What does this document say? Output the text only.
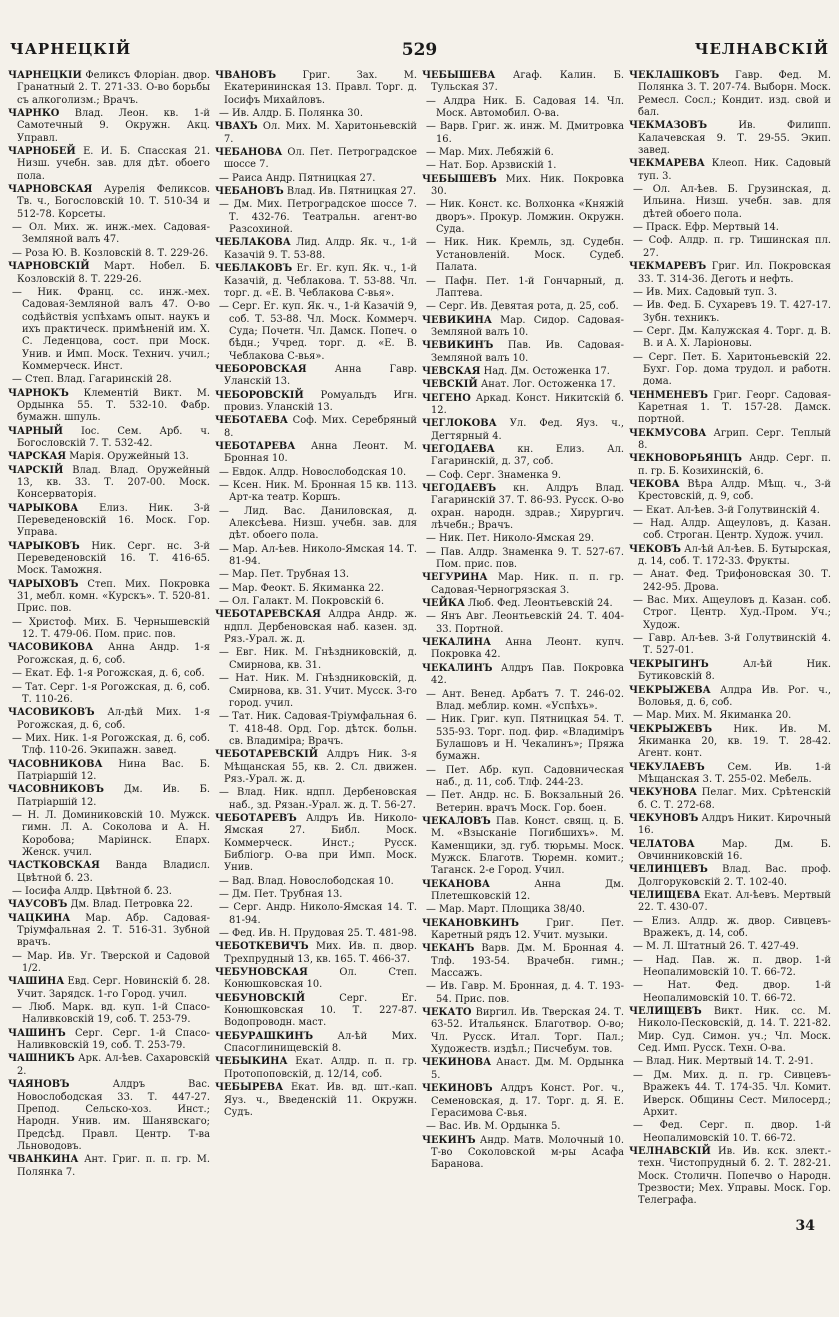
ЧАРНЕЦКІЙ	529	ЧЕЛНАВСКІЙ
ЧАРНЕЦКІЙ Феликсъ Флоріан. двор. Гранатный 2. Т. 271-33. О-во борьбы съ алкоголизм.; Врачъ.
ЧАРНКО Влад. Леон. кв. 1-й Самотечный 9. Окружн. Акц. Управл.
ЧАРНОБЕЙ Е. И. Б. Спасская 21. Низш. учебн. зав. для дѣт. обоего пола.
ЧАРНОВСКАЯ Аурелія Феликсов. Тв. ч., Богословскій 10. Т. 510-34 и 512-78. Корсеты.
— Ол. Мих. ж. инж.-мех. Садовая-Земляной валъ 47.
— Роза Ю. В. Козловскій 8. Т. 229-26.
ЧАРНОВСКІЙ Март. Нобел. Б. Козловскій 8. Т. 229-26.
— Ник. Франц. сс. инж.-мех. Садовая-Земляной валъ 47. О-во содѣйствія успѣхамъ опыт. наукъ и ихъ практическ. примѣненій им. Х. С. Леденцова, сост. при Моск. Унив. и Имп. Моск. Технич. учил.; Коммерческ. Инст.
— Степ. Влад. Гагаринскій 28.
ЧАРНОКЪ Клементій Викт. М. Ордынка 55. Т. 532-10. Фабр. бумажн. шпуль.
ЧАРНЫЙ Іос. Сем. Арб. ч. Богословскій 7. Т. 532-42.
ЧАРСКАЯ Марія. Оружейный 13.
ЧАРСКІЙ Влад. Влад. Оружейный 13, кв. 33. Т. 207-00. Моск. Консерваторія.
ЧАРЫКОВА Елиз. Ник. 3-й Переведеновскій 16. Моск. Гор. Управа.
ЧАРЫКОВЪ Ник. Серг. нс. 3-й Переведеновскій 16. Т. 416-65. Моск. Таможня.
ЧАРЫХОВЪ Степ. Мих. Покровка 31, мебл. комн. «Курскъ». Т. 520-81. Прис. пов.
— Христоф. Мих. Б. Чернышевскій 12. Т. 479-06. Пом. прис. пов.
ЧАСОВИКОВА Анна Андр. 1-я Рогожская, д. 6, соб.
— Екат. Еф. 1-я Рогожская, д. 6, соб.
— Тат. Серг. 1-я Рогожская, д. 6, соб. Т. 110-26.
ЧАСОВИКОВЪ Ал-дѣй Мих. 1-я Рогожская, д. 6, соб.
— Мих. Ник. 1-я Рогожская, д. 6, соб. Тлф. 110-26. Экипажн. завед.
ЧАСОВНИКОВА Нина Вас. Б. Патріаршій 12.
ЧАСОВНИКОВЪ Дм. Ив. Б. Патріаршій 12.
— Н. Л. Доминиковскій 10. Мужск. гимн. Л. А. Соколова и А. Н. Коробова; Маріинск. Епарх. Женск. учил.
ЧАСТКОВСКАЯ Ванда Владисл. Цвѣтной б. 23.
— Іосифа Алдр. Цвѣтной б. 23.
ЧАУСОВЪ Дм. Влад. Петровка 22.
ЧАЦКИНА Мар. Абр. Садовая-Тріумфальная 2. Т. 516-31. Зубной врачъ.
— Мар. Ив. Уг. Тверской и Садовой 1/2.
ЧАШИНА Евд. Серг. Новинскій б. 28. Учит. Зарядск. 1-го Город. учил.
— Люб. Марк. вд. куп. 1-й Спасо-Наливковскій 19, соб. Т. 253-79.
ЧАШИНЪ Серг. Серг. 1-й Спасо-Наливковскій 19, соб. Т. 253-79.
ЧАШНИКЪ Арк. Ал-ѣев. Сахаровскій 2.
ЧАЯНОВЪ	Алдръ Вас. Новослободская 33. Т. 447-27. Препод. Сельско-хоз. Инст.; Народн. Унив. им. Шанявскаго; Предсѣд. Правл. Центр. Т-ва Льноводовъ.
ЧВАНКИНА Ант. Григ. п. п. гр. М. Полянка 7.
ЧВАНОВЪ	Григ. Зах. М. Екатерининская 13. Правл. Торг. д. Іосифъ Михайловъ.
— Ив. Алдр. Б. Полянка 30.
ЧВАХЪ Ол. Мих. М. Харитоньевскій 7.
ЧЕБАНОВА Ол. Пет. Петроградское шоссе 7.
— Раиса Андр. Пятницкая 27.
ЧЕБАНОВЪ Влад. Ив. Пятницкая 27.
— Дм. Мих. Петроградское шоссе 7. Т. 432-76. Театральн. агент-во Разсохиной.
ЧЕБЛАКОВА Лид. Алдр. Як. ч., 1-й Казачій 9. Т. 53-88.
ЧЕБЛАКОВЪ Ег. Ег. куп. Як. ч., 1-й Казачій, д. Чеблакова. Т. 53-88. Чл. торг. д. «Е. В. Чеблакова С-вья».
— Серг. Ег. куп. Як. ч., 1-й Казачій 9, соб. Т. 53-88. Чл. Моск. Коммерч. Суда; Почетн. Чл. Дамск. Попеч. о бѣдн.; Учред. торг. д. «Е. В. Чеблакова С-вья».
ЧЕБОРОВСКАЯ	Анна Гавр. Уланскій 13.
ЧЕБОРОВСКІЙ Ромуальдъ Игн. провиз. Уланскій 13.
ЧЕБОТАЕВА Соф. Мих. Серебряный 8.
ЧЕБОТАРЕВА Анна Леонт. М. Бронная 10.
— Евдок. Алдр. Новослободская 10.
— Ксен. Ник. М. Бронная 15 кв. 113. Арт-ка театр. Коршъ.
— Лид. Вас. Даниловская, д. Алексѣева. Низш. учебн. зав. для дѣт. обоего пола.
— Мар. Ал-ѣев. Николо-Ямская 14. Т. 81-94.
— Мар. Пет. Трубная 13.
— Мар. Феокт. Б. Якиманка 22.
— Ол. Галакт. М. Покровскій 6.
ЧЕБОТАРЕВСКАЯ Алдра Андр. ж. ндпл. Дербеновская наб. казен. зд. Ряз.-Урал. ж. д.
— Евг. Ник. М. Гнѣздниковскій, д. Смирнова, кв. 31.
— Нат. Ник. М. Гнѣздниковскій, д. Смирнова, кв. 31. Учит. Мусск. 3-го город. учил.
— Тат. Ник. Садовая-Тріумфальная 6. Т. 418-48. Орд. Гор. дѣтск. больн. св. Владиміра; Врачъ.
ЧЕБОТАРЕВСКІЙ Алдръ Ник. 3-я Мѣщанская 55, кв. 2. Сл. движен. Ряз.-Урал. ж. д.
— Влад. Ник. ндпл. Дербеновская наб., зд. Рязан.-Урал. ж. д. Т. 56-27.
ЧЕБОТАРЕВЪ Алдръ Ив. Николо-Ямская 27. Библ. Моск. Коммерческ. Инст.; Русск. Библіогр. О-ва при Имп. Моск. Унив.
— Вад. Влад. Новослободская 10.
— Дм. Пет. Трубная 13.
— Серг. Андр. Николо-Ямская 14. Т. 81-94.
— Фед. Ив. Н. Прудовая 25. Т. 481-98.
ЧЕБОТКЕВИЧЪ Мих. Ив. п. двор. Трехпрудный 13, кв. 165. Т. 466-37.
ЧЕБУНОВСКАЯ	Ол. Степ. Конюшковская 10.
ЧЕБУНОВСКІЙ	Серг. Ег. Конюшковская 10. Т. 227-87. Водопроводн. маст.
ЧЕБУРАШКИНЪ Ал-ѣй Мих. Спасоглинищевскій 8.
ЧЕБЫКИНА Екат. Алдр. п. п. гр. Протопоповскій, д. 12/14, соб.
ЧЕБЫРЕВА Екат. Ив. вд. шт.-кап. Яуз. ч., Введенскій 11. Окружн. Судъ.
ЧЕБЫШЕВА Агаф. Калин. Б. Тульская 37.
— Алдра Ник. Б. Садовая 14. Чл. Моск. Автомобил. О-ва.
— Варв. Григ. ж. инж. М. Дмитровка 16.
— Мар. Мих. Лебяжій 6.
— Нат. Бор. Арзвискій 1.
ЧЕБЫШЕВЪ Мих. Ник. Покровка 30.
— Ник. Конст. кс. Волхонка «Княжій дворъ». Прокур. Ломжин. Окружн. Суда.
— Ник. Ник. Кремль, зд. Судебн. Установленій. Моск. Судеб. Палата.
— Пафн. Пет. 1-й Гончарный, д. Лаптева.
— Серг. Ив. Девятая рота, д. 25, соб.
ЧЕВИКИНА Мар. Сидор. Садовая-Земляной валъ 10.
ЧЕВИКИНЪ Пав. Ив. Садовая-Земляной валъ 10.
ЧЕВСКАЯ Над. Дм. Остоженка 17.
ЧЕВСКІЙ Анат. Лог. Остоженка 17.
ЧЕГЕНО Аркад. Конст. Никитскій б. 12.
ЧЕГЛОКОВА Ул. Фед. Яуз. ч., Дегтярный 4.
ЧЕГОДАЕВА кн. Елиз. Ал. Гагаринскій, д. 37, соб.
— Соф. Серг. Знаменка 9.
ЧЕГОДАЕВЪ кн. Алдръ Влад. Гагаринскій 37. Т. 86-93. Русск. О-во охран. народн. здрав.; Хирургич. лѣчебн.; Врачъ.
— Ник. Пет. Николо-Ямская 29.
— Пав. Алдр. Знаменка 9. Т. 527-67. Пом. прис. пов.
ЧЕГУРИНА Мар. Ник. п. п. гр. Садовая-Черногрязская 3.
ЧЕЙКА Люб. Фед. Леонтьевскій 24.
— Янъ Авг. Леонтьевскій 24. Т. 404-33. Портной.
ЧЕКАЛИНА Анна Леонт. купч. Покровка 42.
ЧЕКАЛИНЪ Алдръ Пав. Покровка 42.
— Ант. Венед. Арбатъ 7. Т. 246-02. Влад. меблир. комн. «Успѣхъ».
— Ник. Григ. куп. Пятницкая 54. Т. 535-93. Торг. под. фир. «Владиміръ Булашовъ и Н. Чекалинъ»; Пряжа бумажн.
— Пет. Абр. куп. Садовническая наб., д. 11, соб. Тлф. 244-23.
— Пет. Андр. нс. Б. Вокзальный 26. Ветерин. врачъ Моск. Гор. боен.
ЧЕКАЛОВЪ Пав. Конст. свящ. ц. Б. М. «Взысканіе Погибшихъ». М. Каменщики, зд. губ. тюрьмы. Моск. Мужск. Благотв. Тюремн. комит.; Таганск. 2-е Город. Учил.
ЧЕКАНОВА	Анна Дм. Плетешковскій 12.
— Мар. Март. Площика 38/40.
ЧЕКАНОВКИНЪ	Григ. Пет. Каретный рядъ 12. Учит. музыки.
ЧЕКАНЪ Варв. Дм. М. Бронная 4. Тлф. 193-54. Врачебн. гимн.; Массажъ.
— Ив. Гавр. М. Бронная, д. 4. Т. 193-54. Прис. пов.
ЧЕКАТО Виргил. Ив. Тверская 24. Т. 63-52. Итальянск. Благотвор. О-во; Чл. Русск. Итал. Торг. Пал.; Художеств. издѣл.; Писчебум. тов.
ЧЕКИНОВА Анаст. Дм. М. Ордынка 5.
ЧЕКИНОВЪ Алдръ Конст. Рог. ч., Семеновская, д. 17. Торг. д. Я. Е. Герасимова С-вья.
— Вас. Ив. М. Ордынка 5.
ЧЕКИНЪ Андр. Матв. Молочный 10. Т-во Соколовской м-ры Асафа Баранова.
ЧЕКЛАШКОВЪ Гавр. Фед. М. Полянка 3. Т. 207-74. Выборн. Моск. Ремесл. Сосл.; Кондит. изд. свой и бал.
ЧЕКМАЗОВЪ	Ив. Филипп. Калачевская 9. Т. 29-55. Экип. завед.
ЧЕКМАРЕВА Клеоп. Ник. Садовый туп. 3.
— Ол. Ал-ѣев. Б. Грузинская, д. Ильина. Низш. учебн. зав. для дѣтей обоего пола.
— Праск. Ефр. Мертвый 14.
— Соф. Алдр. п. гр. Тишинская пл. 27.
ЧЕКМАРЕВЪ Григ. Ил. Покровская 33. Т. 314-36. Деготь и нефть.
— Ив. Мих. Садовый туп. 3.
— Ив. Фед. Б. Сухаревъ 19. Т. 427-17. Зубн. техникъ.
— Серг. Дм. Калужская 4. Торг. д. В. В. и А. Х. Ларіоновы.
— Серг. Пет. Б. Харитоньевскій 22. Бухг. Гор. дома трудол. и работн. дома.
ЧЕНМЕНЕВЪ Григ. Георг. Садовая-Каретная 1. Т. 157-28. Дамск. портной.
ЧЕКМУСОВА Агрип. Серг. Теплый 8.
ЧЕКНОВОРЬЯНЦЪ Андр. Серг. п. п. гр. Б. Козихинскій, 6.
ЧЕКОВА Вѣра Алдр. Мѣщ. ч., 3-й Крестовскій, д. 9, соб.
— Екат. Ал-ѣев. 3-й Голутвинскій 4.
— Над. Алдр. Ащеуловъ, д. Казан. соб. Строган. Центр. Худож. учил.
ЧЕКОВЪ Ал-ѣй Ал-ѣев. Б. Бутырская, д. 14, соб. Т. 172-33. Фрукты.
— Анат. Фед. Трифоновская 30. Т. 242-95. Дрова.
— Вас. Мих. Ащеуловъ д. Казан. соб. Строг. Центр. Худ.-Пром. Уч.; Худож.
— Гавр. Ал-ѣев. 3-й Голутвинскій 4. Т. 527-01.
ЧЕКРЫГИНЪ	Ал-ѣй Ник. Бутиковскій 8.
ЧЕКРЫЖЕВА Алдра Ив. Рог. ч., Воловья, д. 6, соб.
— Мар. Мих. М. Якиманка 20.
ЧЕКРЫЖЕВЪ Ник. Ив. М. Якиманка 20, кв. 19. Т. 28-42. Агент. конт.
ЧЕКУЛАЕВЪ Сем. Ив. 1-й Мѣщанская 3. Т. 255-02. Мебель.
ЧЕКУНОВА Пелаг. Мих. Срѣтенскій б. С. Т. 272-68.
ЧЕКУНОВЪ Алдръ Никит. Кирочный 16.
ЧЕЛАТОВА	Мар. Дм. Б. Овчинниковскій 16.
ЧЕЛИНЦЕВЪ Влад. Вас. проф. Долгоруковскій 2. Т. 102-40.
ЧЕЛИЩЕВА Екат. Ал-ѣевъ. Мертвый 22. Т. 430-07.
— Елиз. Алдр. ж. двор. Сивцевъ-Вражекъ, д. 14, соб.
— М. Л. Штатный 26. Т. 427-49.
— Над. Пав. ж. п. двор. 1-й Неопалимовскій 10. Т. 66-72.
— Нат. Фед. двор. 1-й Неопалимовскій 10. Т. 66-72.
ЧЕЛИЩЕВЪ Викт. Ник. сс. М. Николо-Песковскій, д. 14. Т. 221-82. Мир. Суд. Симон. уч.; Чл. Моск. Сед. Имп. Русск. Техн. О-ва.
— Влад. Ник. Мертвый 14. Т. 2-91.
— Дм. Мих. д. п. гр. Сивцевъ-Вражекъ 44. Т. 174-35. Чл. Комит. Иверск. Общины Сест. Милосерд.; Архит.
— Фед. Серг. п. двор. 1-й Неопалимовскій 10. Т. 66-72.
ЧЕЛНАВСКІЙ Ив. Ив. кск. злект.-техн. Чистопрудный б. 2. Т. 282-21. Моск. Столичн. Попечво о Народн. Трезвости; Мех. Управы. Моск. Гор. Телеграфа.
34
